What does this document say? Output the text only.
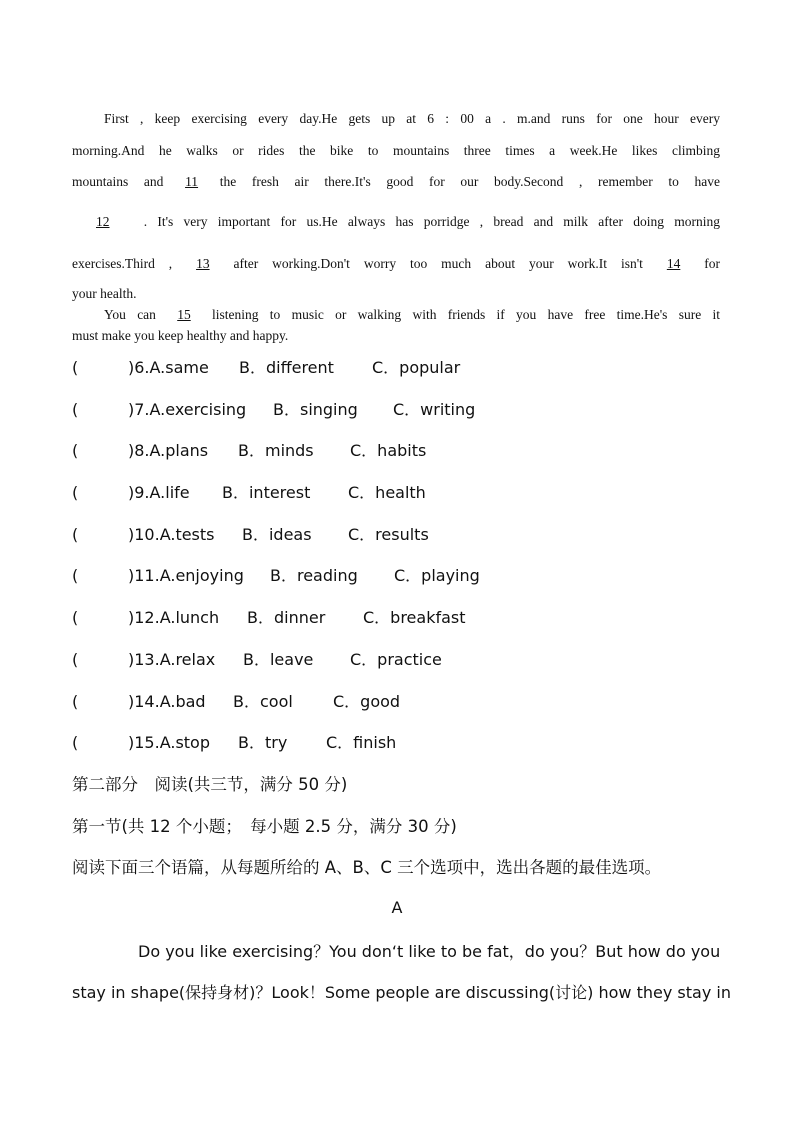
First , keep exercising every day.He gets up at 6 : 00 a . m.and runs for one hour every
morning.And he walks or rides the bike to mountains three times a week.He likes climbing
mountains and 11 the fresh air there.It's good for our body.Second , remember to have
12 . It's very important for us.He always has porridge , bread and milk after doing morning
exercises.Third , 13 after working.Don't worry too much about your work.It isn't 14 for
your health.
You can 15 listening to music or walking with friends if you have free time.He's sure it
must make you keep healthy and happy.
(	)6.A.same	B．different	C．popular
(	)7.A.exercising	B．singing	C．writing
(	)8.A.plans	B．minds	C．habits
(	)9.A.life	B．interest	C．health
(	)10.A.tests	B．ideas	C．results
(	)11.A.enjoying	B．reading	C．playing
(	)12.A.lunch	B．dinner	C．breakfast
(	)13.A.relax	B．leave	C．practice
(	)14.A.bad	B．cool	C．good
(	)15.A.stop	B．try	C．finish
第二部分　阅读(共三节，满分 50 分)
第一节(共 12 个小题；　每小题 2.5 分，满分 30 分)
阅读下面三个语篇，从每题所给的 A、B、C 三个选项中，选出各题的最佳选项。
A
Do you like exercising？You don‘t like to be fat，do you？But how do you
stay in shape(保持身材)？Look！Some people are discussing(讨论) how they stay in
